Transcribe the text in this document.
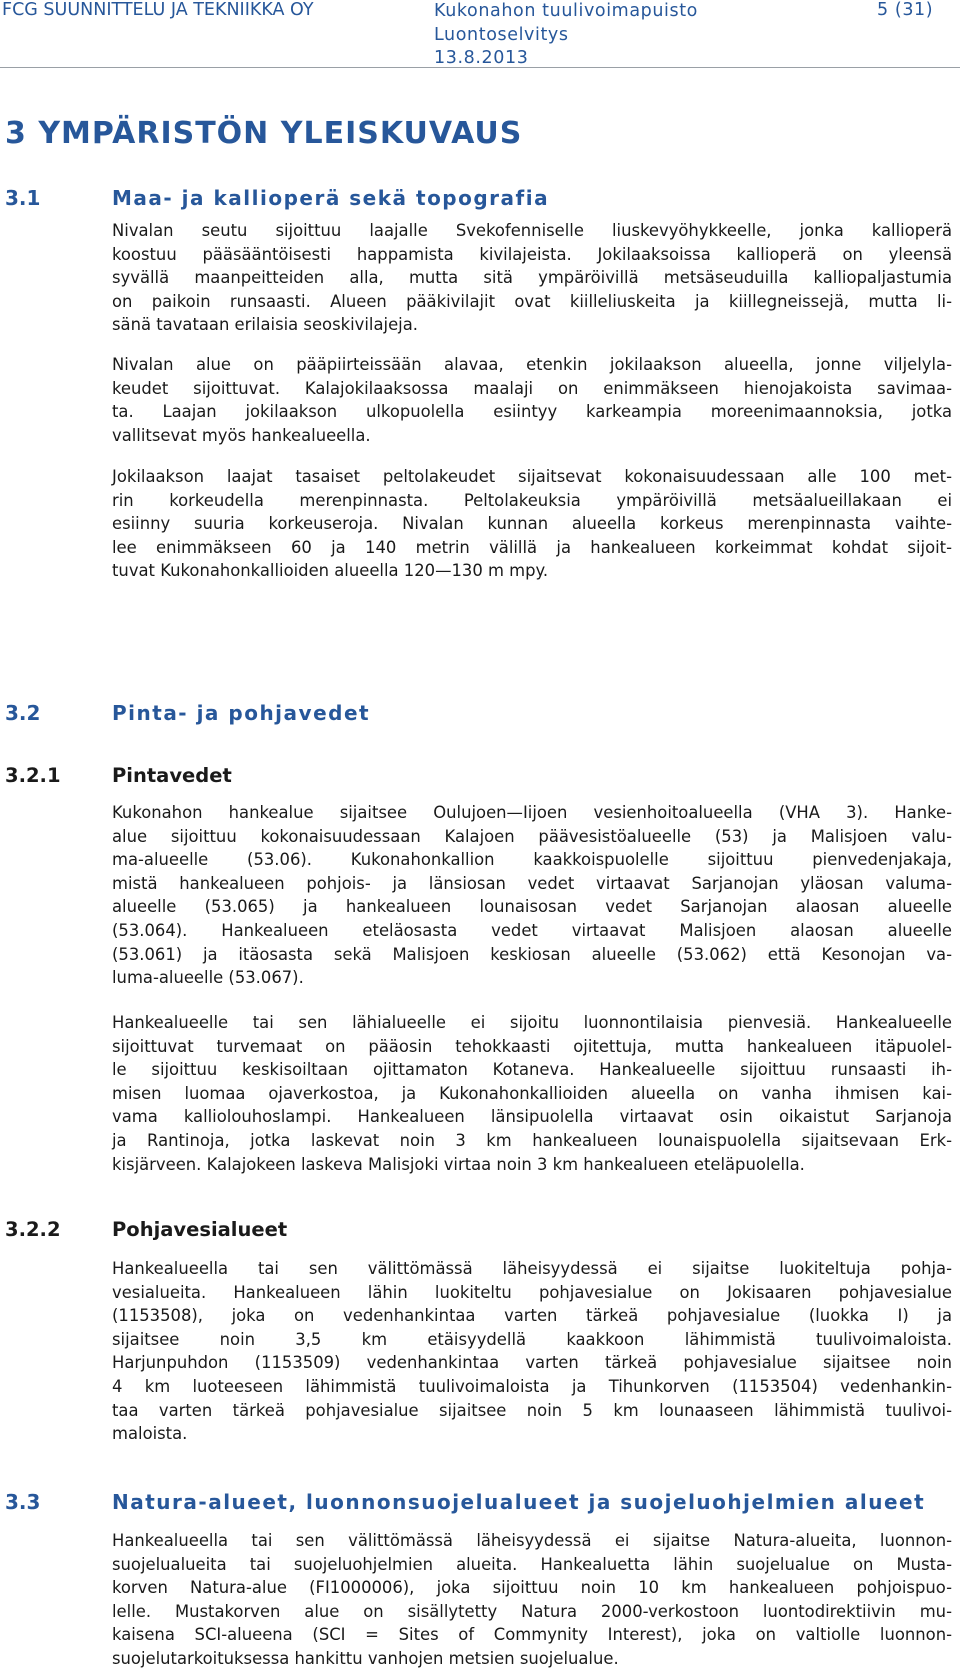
FCG SUUNNITTELU JA TEKNIIKKA OY	Kukonahon tuulivoimapuisto
Luontoselvitys
13.8.2013
5 (31)
3 YMPÄRISTÖN YLEISKUVAUS
3.1	Maa- ja kallioperä sekä topografia
Nivalan seutu sijoittuu laajalle Svekofenniselle liuskevyöhykkeelle, jonka kallioperä
koostuu pääsääntöisesti happamista kivilajeista. Jokilaaksoissa kallioperä on yleensä
syvällä maanpeitteiden alla, mutta sitä ympäröivillä metsäseuduilla kalliopaljastumia
on paikoin runsaasti. Alueen pääkivilajit ovat kiilleliuskeita ja kiillegneissejä, mutta li-
sänä tavataan erilaisia seoskivilajeja.
Nivalan alue on pääpiirteissään alavaa, etenkin jokilaakson alueella, jonne viljelyla-
keudet sijoittuvat. Kalajokilaaksossa maalaji on enimmäkseen hienojakoista savimaa-
ta. Laajan jokilaakson ulkopuolella esiintyy karkeampia moreenimaannoksia, jotka
vallitsevat myös hankealueella.
Jokilaakson laajat tasaiset peltolakeudet sijaitsevat kokonaisuudessaan alle 100 met-
rin korkeudella merenpinnasta. Peltolakeuksia ympäröivillä metsäalueillakaan ei
esiinny suuria korkeuseroja. Nivalan kunnan alueella korkeus merenpinnasta vaihte-
lee enimmäkseen 60 ja 140 metrin välillä ja hankealueen korkeimmat kohdat sijoit-
tuvat Kukonahonkallioiden alueella 120—130 m mpy.
3.2	Pinta- ja pohjavedet
3.2.1	Pintavedet
Kukonahon hankealue sijaitsee Oulujoen—Iijoen vesienhoitoalueella (VHA 3). Hanke-
alue sijoittuu kokonaisuudessaan Kalajoen päävesistöalueelle (53) ja Malisjoen valu-
ma-alueelle (53.06). Kukonahonkallion kaakkoispuolelle sijoittuu pienvedenjakaja,
mistä hankealueen pohjois- ja länsiosan vedet virtaavat Sarjanojan yläosan valuma-
alueelle (53.065) ja hankealueen lounaisosan vedet Sarjanojan alaosan alueelle
(53.064). Hankealueen eteläosasta vedet virtaavat Malisjoen alaosan alueelle
(53.061) ja itäosasta sekä Malisjoen keskiosan alueelle (53.062) että Kesonojan va-
luma-alueelle (53.067).
Hankealueelle tai sen lähialueelle ei sijoitu luonnontilaisia pienvesiä. Hankealueelle
sijoittuvat turvemaat on pääosin tehokkaasti ojitettuja, mutta hankealueen itäpuolel-
le sijoittuu keskisoiltaan ojittamaton Kotaneva. Hankealueelle sijoittuu runsaasti ih-
misen luomaa ojaverkostoa, ja Kukonahonkallioiden alueella on vanha ihmisen kai-
vama kalliolouhoslampi. Hankealueen länsipuolella virtaavat osin oikaistut Sarjanoja
ja Rantinoja, jotka laskevat noin 3 km hankealueen lounaispuolella sijaitsevaan Erk-
kisjärveen. Kalajokeen laskeva Malisjoki virtaa noin 3 km hankealueen eteläpuolella.
3.2.2	Pohjavesialueet
Hankealueella tai sen välittömässä läheisyydessä ei sijaitse luokiteltuja pohja-
vesialueita. Hankealueen lähin luokiteltu pohjavesialue on Jokisaaren pohjavesialue
(1153508), joka on vedenhankintaa varten tärkeä pohjavesialue (luokka I) ja
sijaitsee noin 3,5 km etäisyydellä kaakkoon lähimmistä tuulivoimaloista.
Harjunpuhdon (1153509) vedenhankintaa varten tärkeä pohjavesialue sijaitsee noin
4 km luoteeseen lähimmistä tuulivoimaloista ja Tihunkorven (1153504) vedenhankin-
taa varten tärkeä pohjavesialue sijaitsee noin 5 km lounaaseen lähimmistä tuulivoi-
maloista.
3.3	Natura-alueet, luonnonsuojelualueet ja suojeluohjelmien alueet
Hankealueella tai sen välittömässä läheisyydessä ei sijaitse Natura-alueita, luonnon-
suojelualueita tai suojeluohjelmien alueita. Hankealuetta lähin suojelualue on Musta-
korven Natura-alue (FI1000006), joka sijoittuu noin 10 km hankealueen pohjoispuo-
lelle. Mustakorven alue on sisällytetty Natura 2000-verkostoon luontodirektiivin mu-
kaisena SCI-alueena (SCI = Sites of Commynity Interest), joka on valtiolle luonnon-
suojelutarkoituksessa hankittu vanhojen metsien suojelualue.
